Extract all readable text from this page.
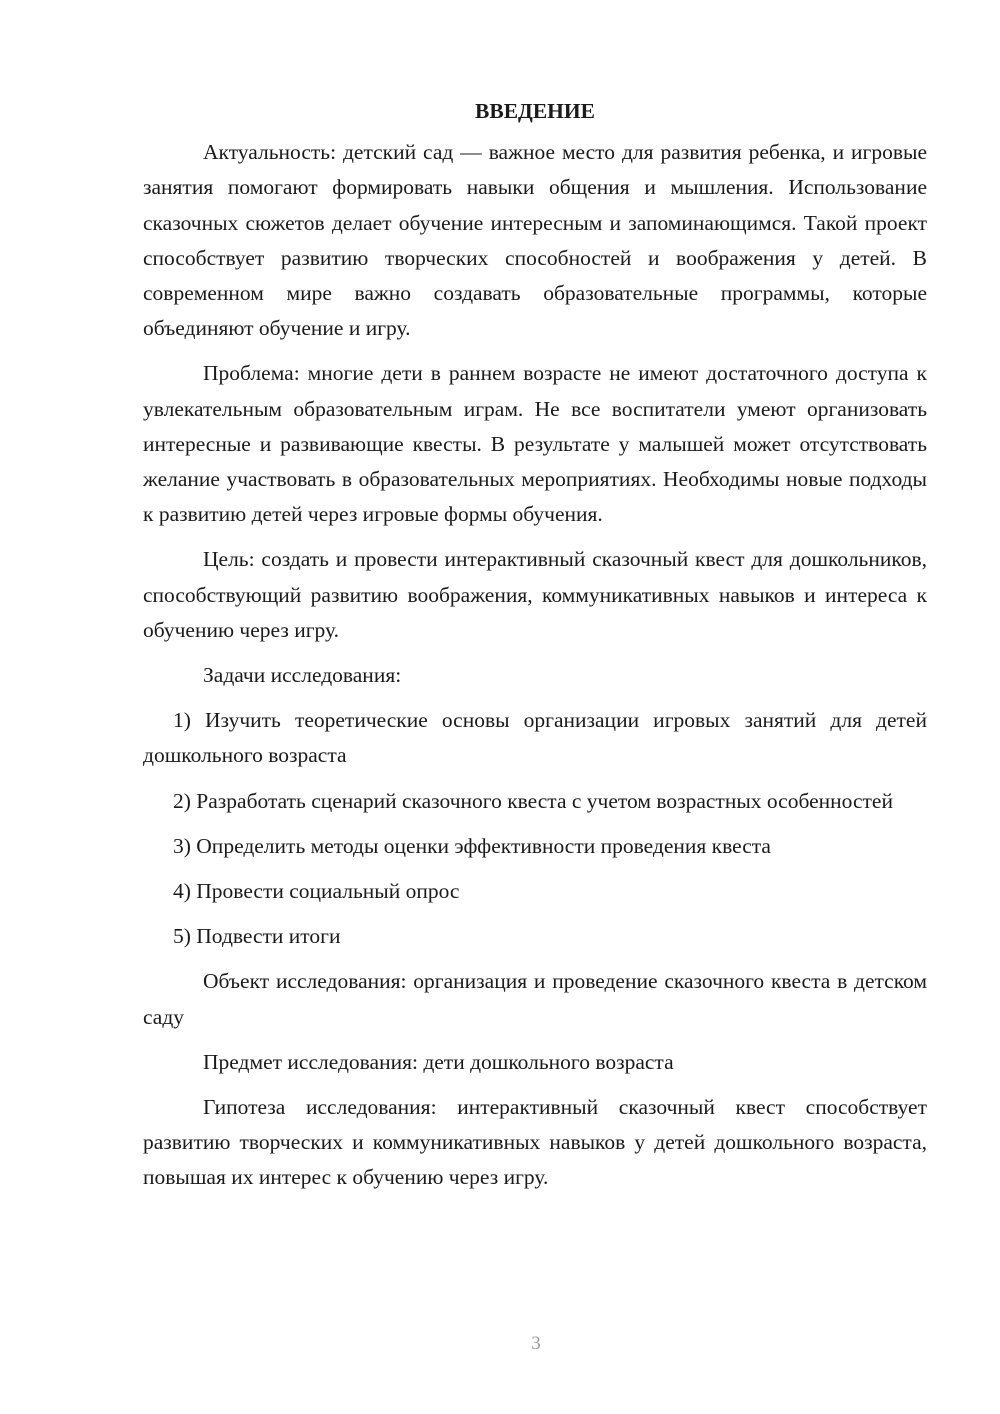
ВВЕДЕНИЕ

Актуальность: детский сад — важное место для развития ребенка, и игровые занятия помогают формировать навыки общения и мышления. Использование сказочных сюжетов делает обучение интересным и запоминающимся. Такой проект способствует развитию творческих способностей и воображения у детей. В современном мире важно создавать образовательные программы, которые объединяют обучение и игру.

Проблема: многие дети в раннем возрасте не имеют достаточного доступа к увлекательным образовательным играм. Не все воспитатели умеют организовать интересные и развивающие квесты. В результате у малышей может отсутствовать желание участвовать в образовательных мероприятиях. Необходимы новые подходы к развитию детей через игровые формы обучения.

Цель: создать и провести интерактивный сказочный квест для дошкольников, способствующий развитию воображения, коммуникативных навыков и интереса к обучению через игру.

Задачи исследования:

1) Изучить теоретические основы организации игровых занятий для детей дошкольного возраста

2) Разработать сценарий сказочного квеста с учетом возрастных особенностей

3) Определить методы оценки эффективности проведения квеста

4) Провести социальный опрос

5) Подвести итоги

Объект исследования: организация и проведение сказочного квеста в детском саду

Предмет исследования: дети дошкольного возраста

Гипотеза исследования: интерактивный сказочный квест способствует развитию творческих и коммуникативных навыков у детей дошкольного возраста, повышая их интерес к обучению через игру.

3
